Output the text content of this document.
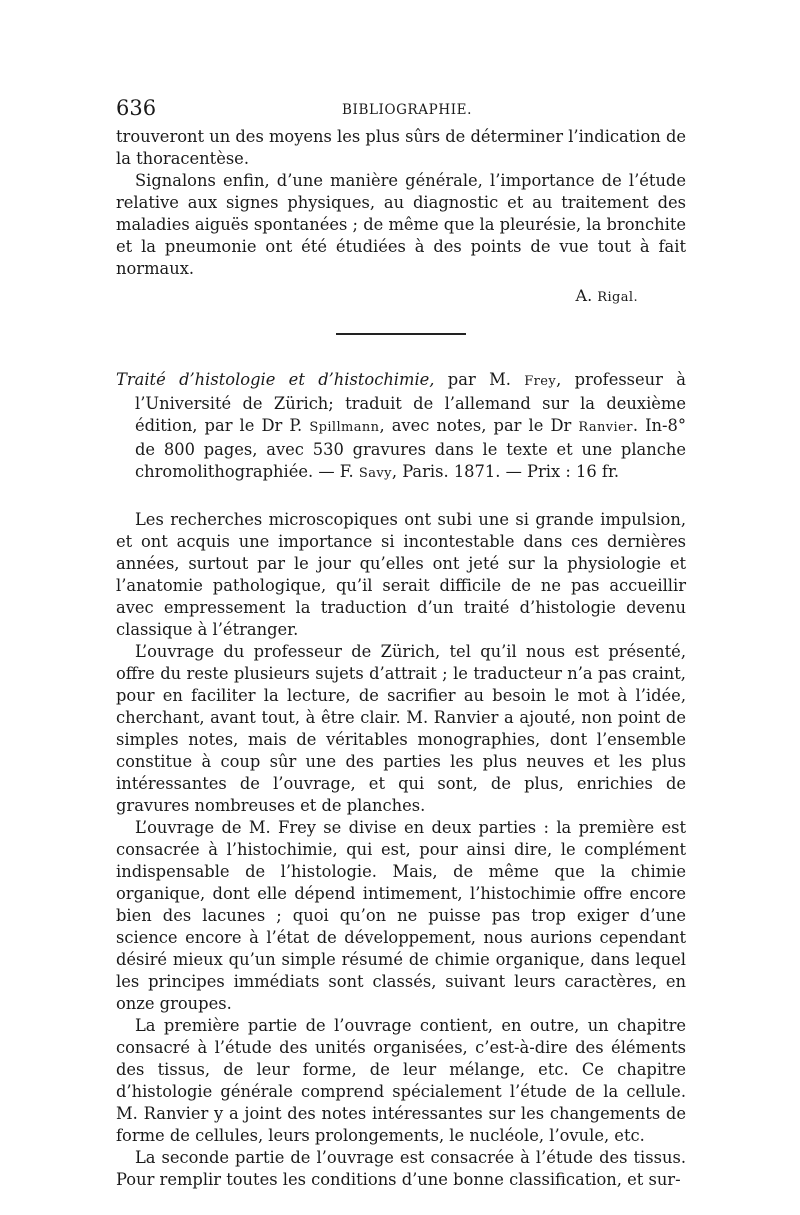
636	BIBLIOGRAPHIE.

trouveront un des moyens les plus sûrs de déterminer l’indication de la thoracentèse.

Signalons enfin, d’une manière générale, l’importance de l’étude relative aux signes physiques, au diagnostic et au traitement des maladies aiguës spontanées ; de même que la pleurésie, la bronchite et la pneumonie ont été étudiées à des points de vue tout à fait normaux.

A. Rigal.

Traité d’histologie et d’histochimie, par M. Frey, professeur à l’Université de Zürich; traduit de l’allemand sur la deuxième édition, par le Dr P. Spillmann, avec notes, par le Dr Ranvier. In-8° de 800 pages, avec 530 gravures dans le texte et une planche chromolithographiée. — F. Savy, Paris. 1871. — Prix : 16 fr.

Les recherches microscopiques ont subi une si grande impulsion, et ont acquis une importance si incontestable dans ces dernières années, surtout par le jour qu’elles ont jeté sur la physiologie et l’anatomie pathologique, qu’il serait difficile de ne pas accueillir avec empressement la traduction d’un traité d’histologie devenu classique à l’étranger.

L’ouvrage du professeur de Zürich, tel qu’il nous est présenté, offre du reste plusieurs sujets d’attrait ; le traducteur n’a pas craint, pour en faciliter la lecture, de sacrifier au besoin le mot à l’idée, cherchant, avant tout, à être clair. M. Ranvier a ajouté, non point de simples notes, mais de véritables monographies, dont l’ensemble constitue à coup sûr une des parties les plus neuves et les plus intéressantes de l’ouvrage, et qui sont, de plus, enrichies de gravures nombreuses et de planches.

L’ouvrage de M. Frey se divise en deux parties : la première est consacrée à l’histochimie, qui est, pour ainsi dire, le complément indispensable de l’histologie. Mais, de même que la chimie organique, dont elle dépend intimement, l’histochimie offre encore bien des lacunes ; quoi qu’on ne puisse pas trop exiger d’une science encore à l’état de développement, nous aurions cependant désiré mieux qu’un simple résumé de chimie organique, dans lequel les principes immédiats sont classés, suivant leurs caractères, en onze groupes.

La première partie de l’ouvrage contient, en outre, un chapitre consacré à l’étude des unités organisées, c’est-à-dire des éléments des tissus, de leur forme, de leur mélange, etc. Ce chapitre d’histologie générale comprend spécialement l’étude de la cellule. M. Ranvier y a joint des notes intéressantes sur les changements de forme de cellules, leurs prolongements, le nucléole, l’ovule, etc.

La seconde partie de l’ouvrage est consacrée à l’étude des tissus. Pour remplir toutes les conditions d’une bonne classification, et sur-
